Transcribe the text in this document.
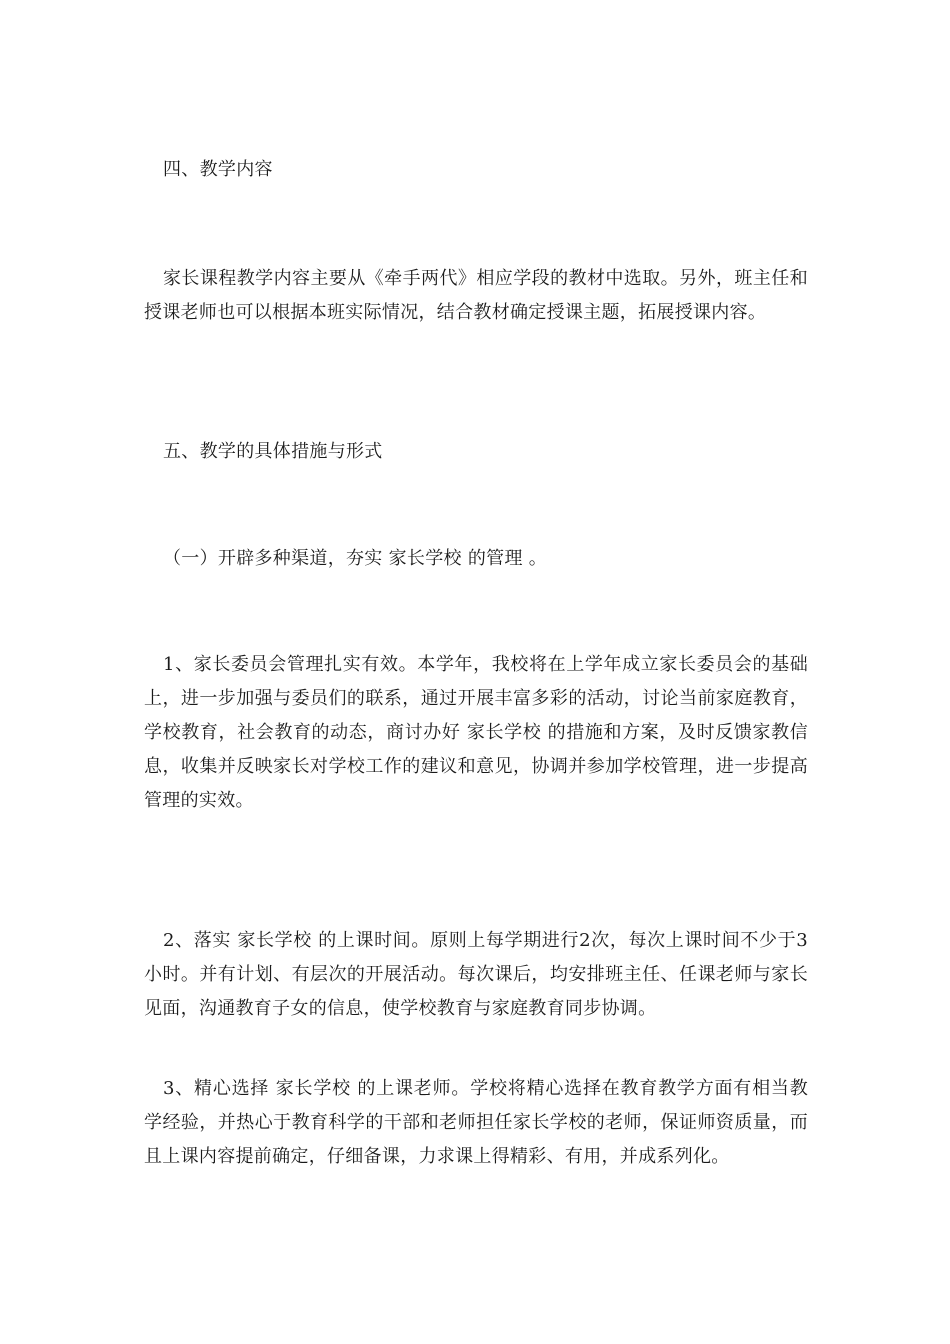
四、教学内容

家长课程教学内容主要从《牵手两代》相应学段的教材中选取。另外，班主任和授课老师也可以根据本班实际情况，结合教材确定授课主题，拓展授课内容。

五、教学的具体措施与形式

（一）开辟多种渠道，夯实 家长学校 的管理 。

1、家长委员会管理扎实有效。本学年，我校将在上学年成立家长委员会的基础上，进一步加强与委员们的联系，通过开展丰富多彩的活动，讨论当前家庭教育，学校教育，社会教育的动态，商讨办好 家长学校 的措施和方案，及时反馈家教信息，收集并反映家长对学校工作的建议和意见，协调并参加学校管理，进一步提高管理的实效。

2、落实 家长学校 的上课时间。原则上每学期进行2次，每次上课时间不少于3小时。并有计划、有层次的开展活动。每次课后，均安排班主任、任课老师与家长见面，沟通教育子女的信息，使学校教育与家庭教育同步协调。

3、精心选择 家长学校 的上课老师。学校将精心选择在教育教学方面有相当教学经验，并热心于教育科学的干部和老师担任家长学校的老师，保证师资质量，而且上课内容提前确定，仔细备课，力求课上得精彩、有用，并成系列化。
